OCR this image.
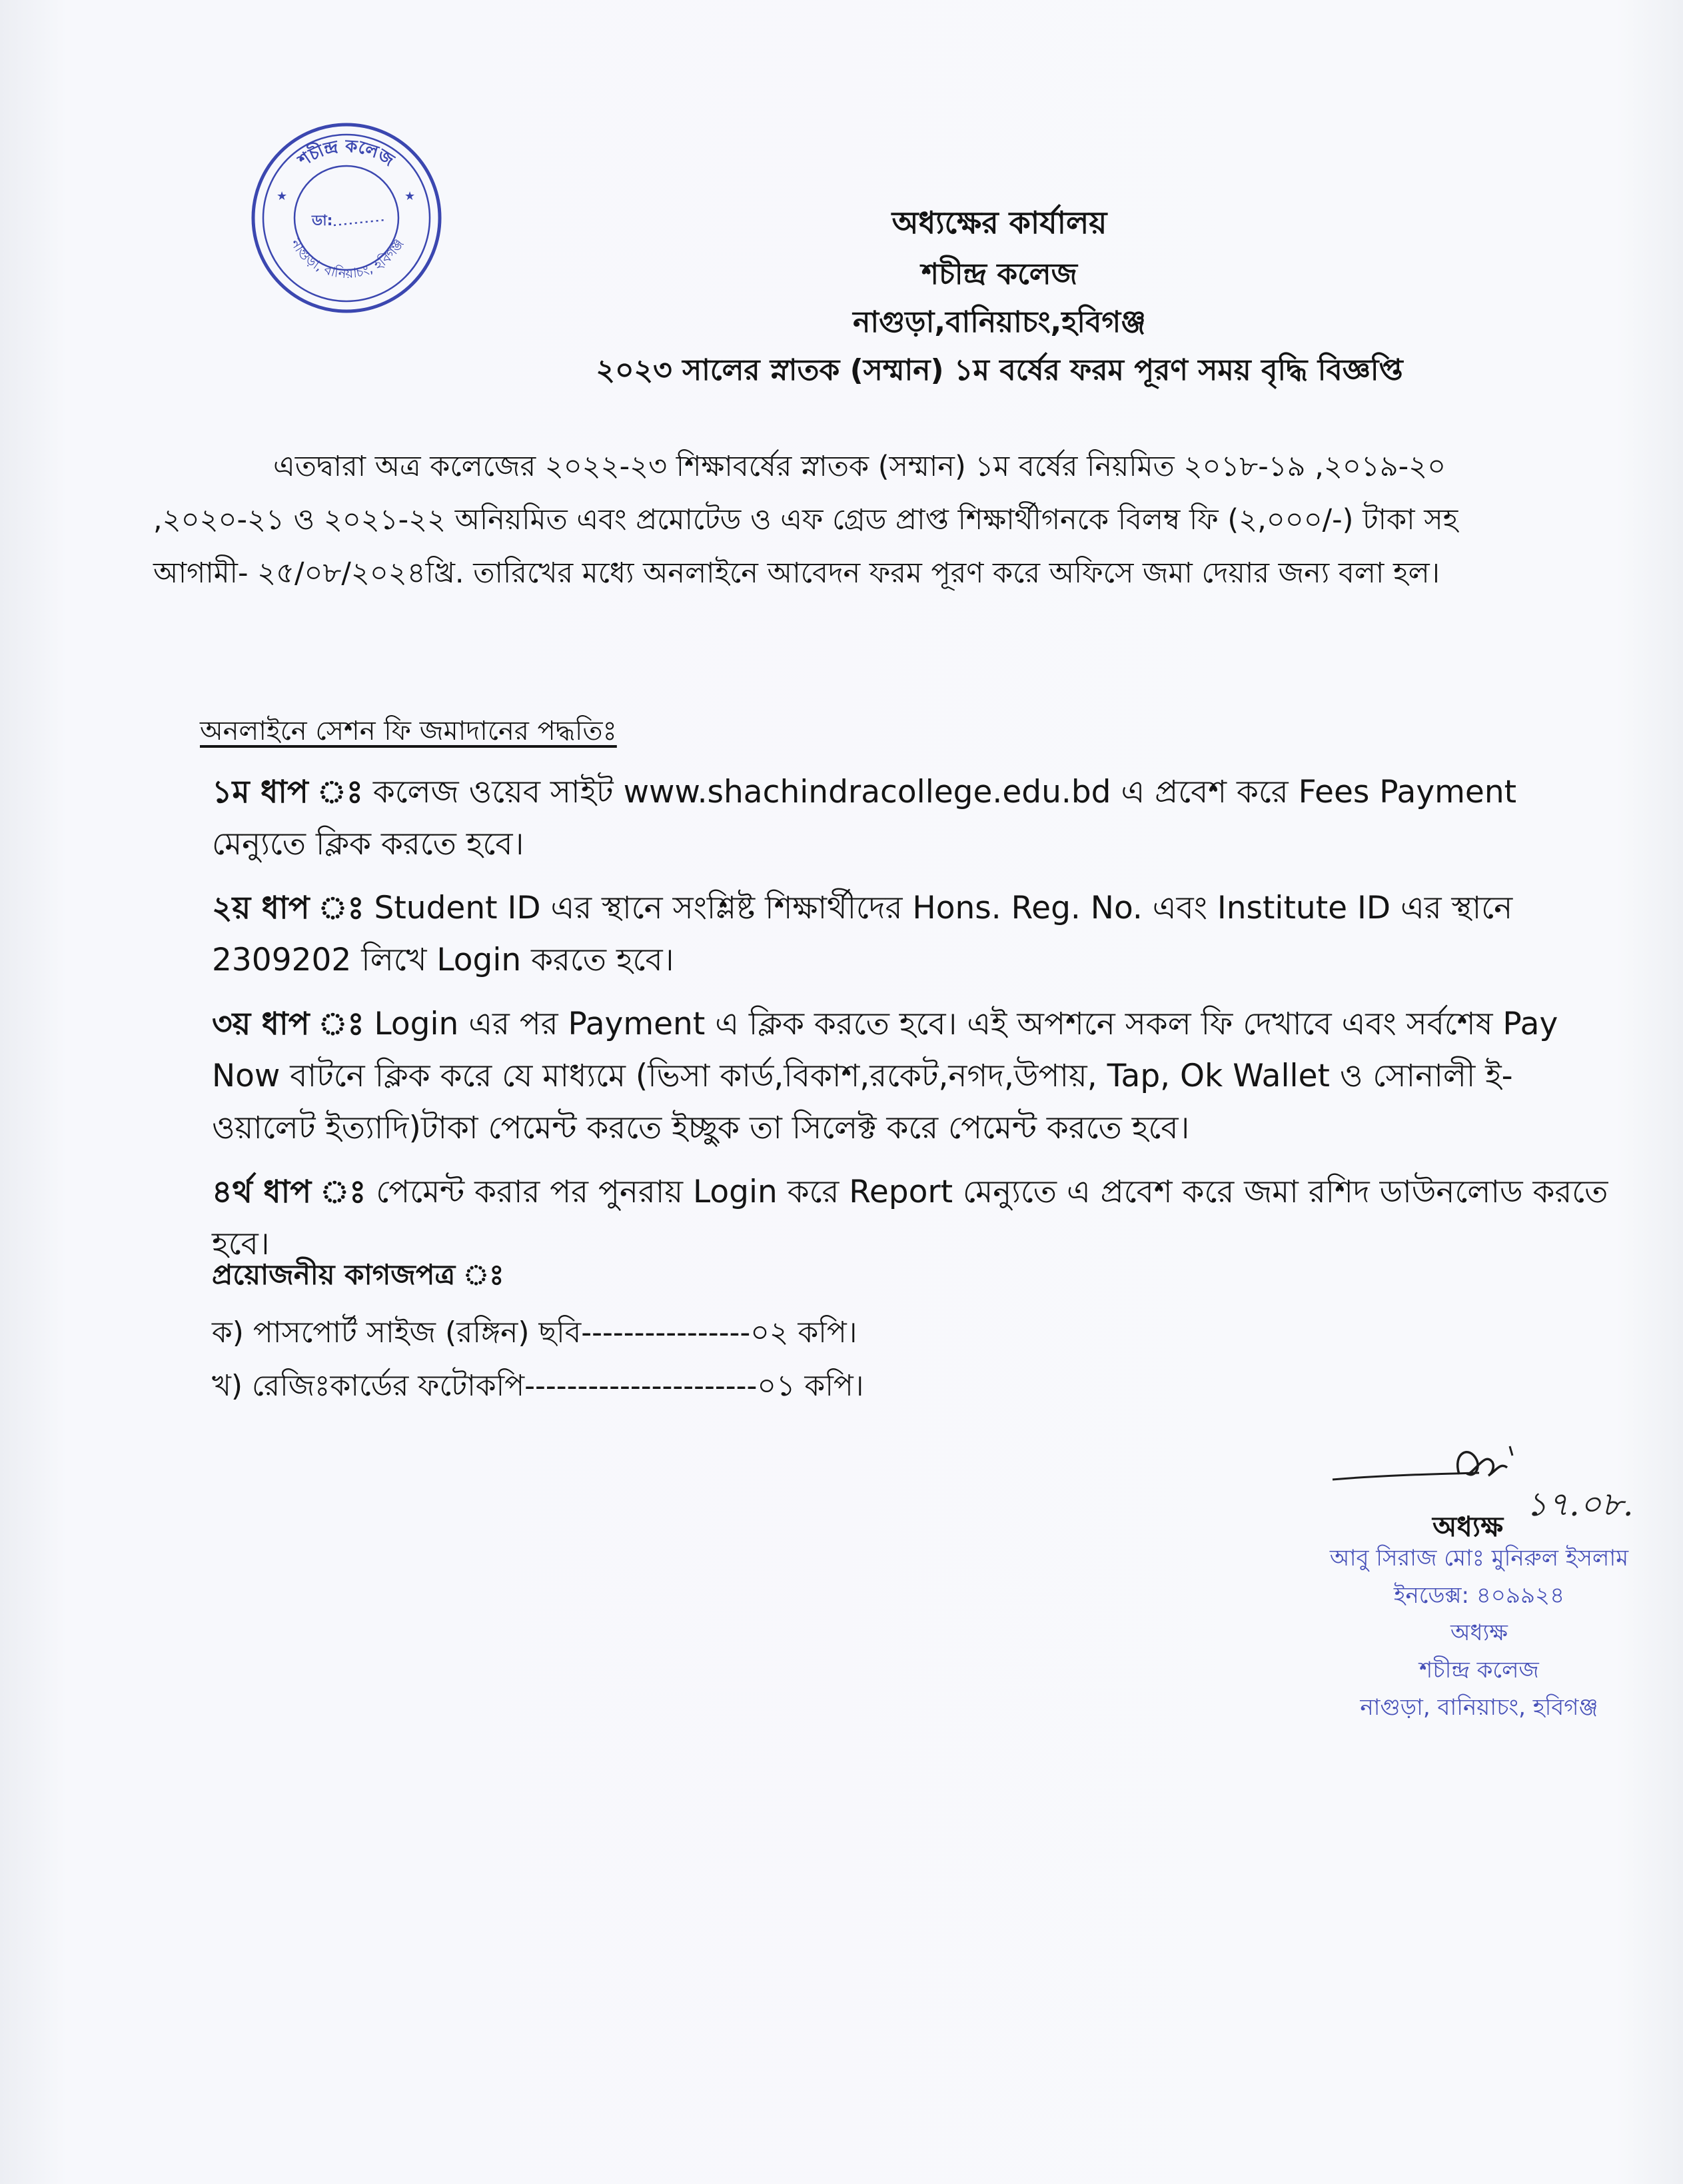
শচীন্দ্র কলেজ
নাগুড়া, বানিয়াচং, হবিগঞ্জ
ডা:
★	★
অধ্যক্ষের কার্যালয়
শচীন্দ্র কলেজ
নাগুড়া,বানিয়াচং,হবিগঞ্জ
২০২৩ সালের স্নাতক (সম্মান) ১ম বর্ষের ফরম পূরণ সময় বৃদ্ধি বিজ্ঞপ্তি
এতদ্বারা অত্র কলেজের ২০২২-২৩ শিক্ষাবর্ষের স্নাতক (সম্মান) ১ম বর্ষের নিয়মিত ২০১৮-১৯ ,২০১৯-২০
,২০২০-২১ ও ২০২১-২২ অনিয়মিত এবং প্রমোটেড ও এফ গ্রেড প্রাপ্ত শিক্ষার্থীগনকে বিলম্ব ফি (২,০০০/-) টাকা সহ
আগামী- ২৫/০৮/২০২৪খ্রি. তারিখের মধ্যে অনলাইনে আবেদন ফরম পূরণ করে অফিসে জমা দেয়ার জন্য বলা হল।
অনলাইনে সেশন ফি জমাদানের পদ্ধতিঃ
১ম ধাপ ঃ কলেজ ওয়েব সাইট www.shachindracollege.edu.bd এ প্রবেশ করে Fees Payment
মেন্যুতে ক্লিক করতে হবে।
২য় ধাপ ঃ Student ID এর স্থানে সংশ্লিষ্ট শিক্ষার্থীদের Hons. Reg. No. এবং Institute ID এর স্থানে
2309202 লিখে Login করতে হবে।
৩য় ধাপ ঃ Login এর পর Payment এ ক্লিক করতে হবে। এই অপশনে সকল ফি দেখাবে এবং সর্বশেষ Pay
Now বাটনে ক্লিক করে যে মাধ্যমে (ভিসা কার্ড,বিকাশ,রকেট,নগদ,উপায়, Tap, Ok Wallet ও সোনালী ই-
ওয়ালেট ইত্যাদি)টাকা পেমেন্ট করতে ইচ্ছুক তা সিলেক্ট করে পেমেন্ট করতে হবে।
৪র্থ ধাপ ঃ পেমেন্ট করার পর পুনরায় Login করে Report মেন্যুতে এ প্রবেশ করে জমা রশিদ ডাউনলোড করতে
হবে।
প্রয়োজনীয় কাগজপত্র ঃ
ক) পাসপোর্ট সাইজ (রঙ্গিন) ছবি----------------০২ কপি।
খ) রেজিঃকার্ডের ফটোকপি----------------------০১ কপি।
১৭.০৮.
অধ্যক্ষ
আবু সিরাজ মোঃ মুনিরুল ইসলাম
ইনডেক্স: ৪০৯৯২৪
অধ্যক্ষ
শচীন্দ্র কলেজ
নাগুড়া, বানিয়াচং, হবিগঞ্জ
